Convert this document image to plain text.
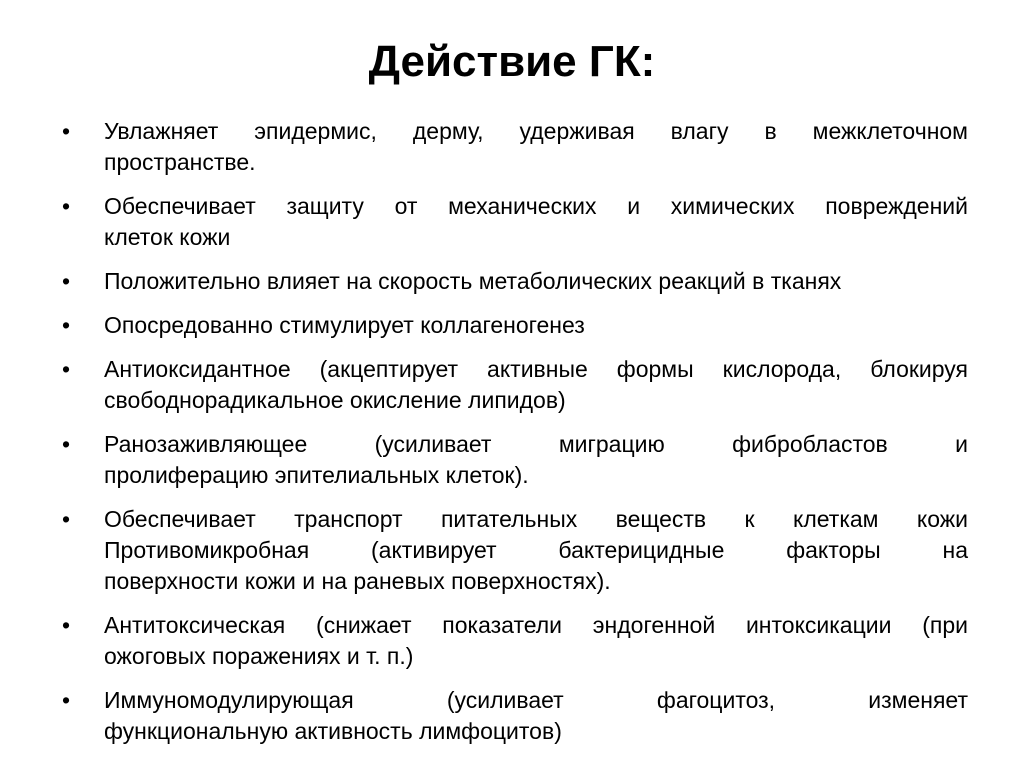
Действие ГК:
•	Увлажняет эпидермис, дерму, удерживая влагу в межклеточном
пространстве.
•	Обеспечивает защиту от механических и химических повреждений
клеток кожи
•	Положительно влияет на скорость метаболических реакций в тканях
•	Опосредованно стимулирует коллагеногенез
•	Антиоксидантное (акцептирует активные формы кислорода, блокируя
свободнорадикальное окисление липидов)
•	Ранозаживляющее (усиливает миграцию фибробластов и
пролиферацию эпителиальных клеток).
•	Обеспечивает транспорт питательных веществ к клеткам кожи
Противомикробная (активирует бактерицидные факторы на
поверхности кожи и на раневых поверхностях).
•	Антитоксическая (снижает показатели эндогенной интоксикации (при
ожоговых поражениях и т. п.)
•	Иммуномодулирующая (усиливает фагоцитоз, изменяет
функциональную активность лимфоцитов)
